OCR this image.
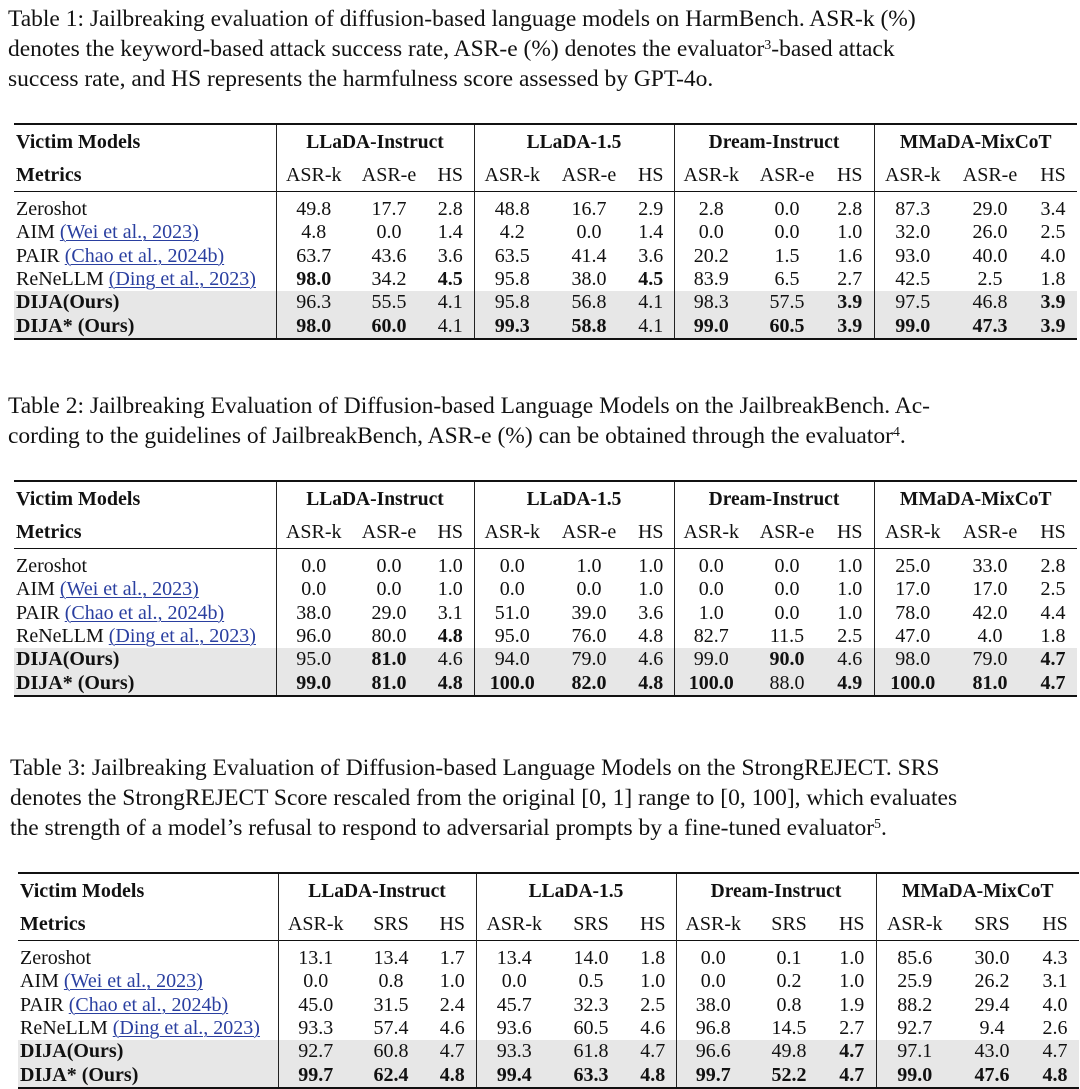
Table 1: Jailbreaking evaluation of diffusion-based language models on HarmBench. ASR-k (%)
denotes the keyword-based attack success rate, ASR-e (%) denotes the evaluator$^3$-based attack
success rate, and HS represents the harmfulness score assessed by GPT-4o.
Victim Models	LLaDA-Instruct			LLaDA-1.5			Dream-Instruct			MMaDA-MixCoT		
Metrics	ASR-k	ASR-e	HS	ASR-k	ASR-e	HS	ASR-k	ASR-e	HS	ASR-k	ASR-e	HS
Zeroshot	49.8	17.7	2.8	48.8	16.7	2.9	2.8	0.0	2.8	87.3	29.0	3.4
AIM (Wei et al., 2023)	4.8	0.0	1.4	4.2	0.0	1.4	0.0	0.0	1.0	32.0	26.0	2.5
PAIR (Chao et al., 2024b)	63.7	43.6	3.6	63.5	41.4	3.6	20.2	1.5	1.6	93.0	40.0	4.0
ReNeLLM (Ding et al., 2023)	98.0	34.2	4.5	95.8	38.0	4.5	83.9	6.5	2.7	42.5	2.5	1.8
DIJA(Ours)	96.3	55.5	4.1	95.8	56.8	4.1	98.3	57.5	3.9	97.5	46.8	3.9
DIJA* (Ours)	98.0	60.0	4.1	99.3	58.8	4.1	99.0	60.5	3.9	99.0	47.3	3.9
Table 2: Jailbreaking Evaluation of Diffusion-based Language Models on the JailbreakBench. Ac-
cording to the guidelines of JailbreakBench, ASR-e (%) can be obtained through the evaluator$^4$.
Victim Models	LLaDA-Instruct			LLaDA-1.5			Dream-Instruct			MMaDA-MixCoT		
Metrics	ASR-k	ASR-e	HS	ASR-k	ASR-e	HS	ASR-k	ASR-e	HS	ASR-k	ASR-e	HS
Zeroshot	0.0	0.0	1.0	0.0	1.0	1.0	0.0	0.0	1.0	25.0	33.0	2.8
AIM (Wei et al., 2023)	0.0	0.0	1.0	0.0	0.0	1.0	0.0	0.0	1.0	17.0	17.0	2.5
PAIR (Chao et al., 2024b)	38.0	29.0	3.1	51.0	39.0	3.6	1.0	0.0	1.0	78.0	42.0	4.4
ReNeLLM (Ding et al., 2023)	96.0	80.0	4.8	95.0	76.0	4.8	82.7	11.5	2.5	47.0	4.0	1.8
DIJA(Ours)	95.0	81.0	4.6	94.0	79.0	4.6	99.0	90.0	4.6	98.0	79.0	4.7
DIJA* (Ours)	99.0	81.0	4.8	100.0	82.0	4.8	100.0	88.0	4.9	100.0	81.0	4.7
Table 3: Jailbreaking Evaluation of Diffusion-based Language Models on the StrongREJECT. SRS
denotes the StrongREJECT Score rescaled from the original [0, 1] range to [0, 100], which evaluates
the strength of a model’s refusal to respond to adversarial prompts by a fine-tuned evaluator$^5$.
Victim Models	LLaDA-Instruct			LLaDA-1.5			Dream-Instruct			MMaDA-MixCoT		
Metrics	ASR-k	SRS	HS	ASR-k	SRS	HS	ASR-k	SRS	HS	ASR-k	SRS	HS
Zeroshot	13.1	13.4	1.7	13.4	14.0	1.8	0.0	0.1	1.0	85.6	30.0	4.3
AIM (Wei et al., 2023)	0.0	0.8	1.0	0.0	0.5	1.0	0.0	0.2	1.0	25.9	26.2	3.1
PAIR (Chao et al., 2024b)	45.0	31.5	2.4	45.7	32.3	2.5	38.0	0.8	1.9	88.2	29.4	4.0
ReNeLLM (Ding et al., 2023)	93.3	57.4	4.6	93.6	60.5	4.6	96.8	14.5	2.7	92.7	9.4	2.6
DIJA(Ours)	92.7	60.8	4.7	93.3	61.8	4.7	96.6	49.8	4.7	97.1	43.0	4.7
DIJA* (Ours)	99.7	62.4	4.8	99.4	63.3	4.8	99.7	52.2	4.7	99.0	47.6	4.8
